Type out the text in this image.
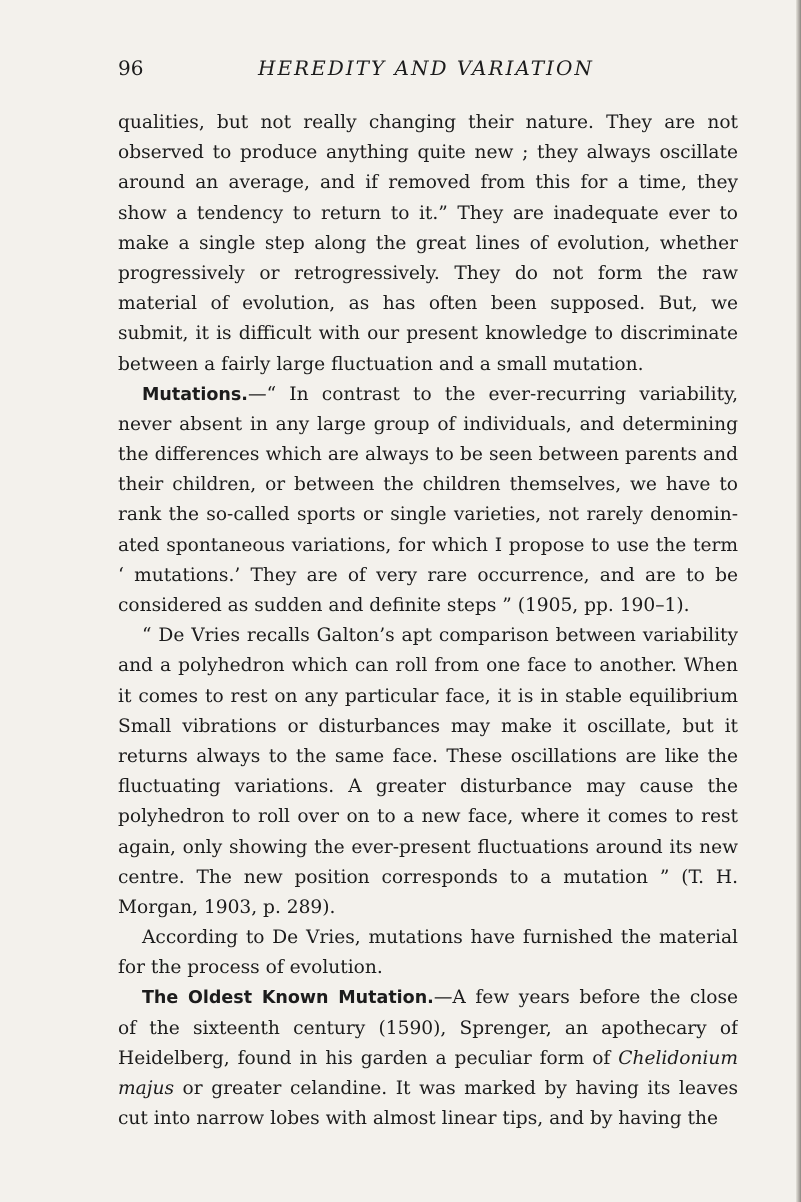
96	HEREDITY AND VARIATION
qualities, but not really changing their nature. They are not
observed to produce anything quite new ; they always oscillate
around an average, and if removed from this for a time, they
show a tendency to return to it.” They are inadequate ever to
make a single step along the great lines of evolution, whether
progressively or retrogressively. They do not form the raw
material of evolution, as has often been supposed. But, we
submit, it is difficult with our present knowledge to discriminate
between a fairly large fluctuation and a small mutation.
Mutations.—“ In contrast to the ever-recurring variability,
never absent in any large group of individuals, and determining
the differences which are always to be seen between parents and
their children, or between the children themselves, we have to
rank the so-called sports or single varieties, not rarely denomin-
ated spontaneous variations, for which I propose to use the term
‘ mutations.’ They are of very rare occurrence, and are to be
considered as sudden and definite steps ” (1905, pp. 190–1).
“ De Vries recalls Galton’s apt comparison between variability
and a polyhedron which can roll from one face to another. When
it comes to rest on any particular face, it is in stable equilibrium
Small vibrations or disturbances may make it oscillate, but it
returns always to the same face. These oscillations are like the
fluctuating variations. A greater disturbance may cause the
polyhedron to roll over on to a new face, where it comes to rest
again, only showing the ever-present fluctuations around its new
centre. The new position corresponds to a mutation ” (T. H.
Morgan, 1903, p. 289).
According to De Vries, mutations have furnished the material
for the process of evolution.
The Oldest Known Mutation.—A few years before the close
of the sixteenth century (1590), Sprenger, an apothecary of
Heidelberg, found in his garden a peculiar form of Chelidonium
majus or greater celandine. It was marked by having its leaves
cut into narrow lobes with almost linear tips, and by having the
